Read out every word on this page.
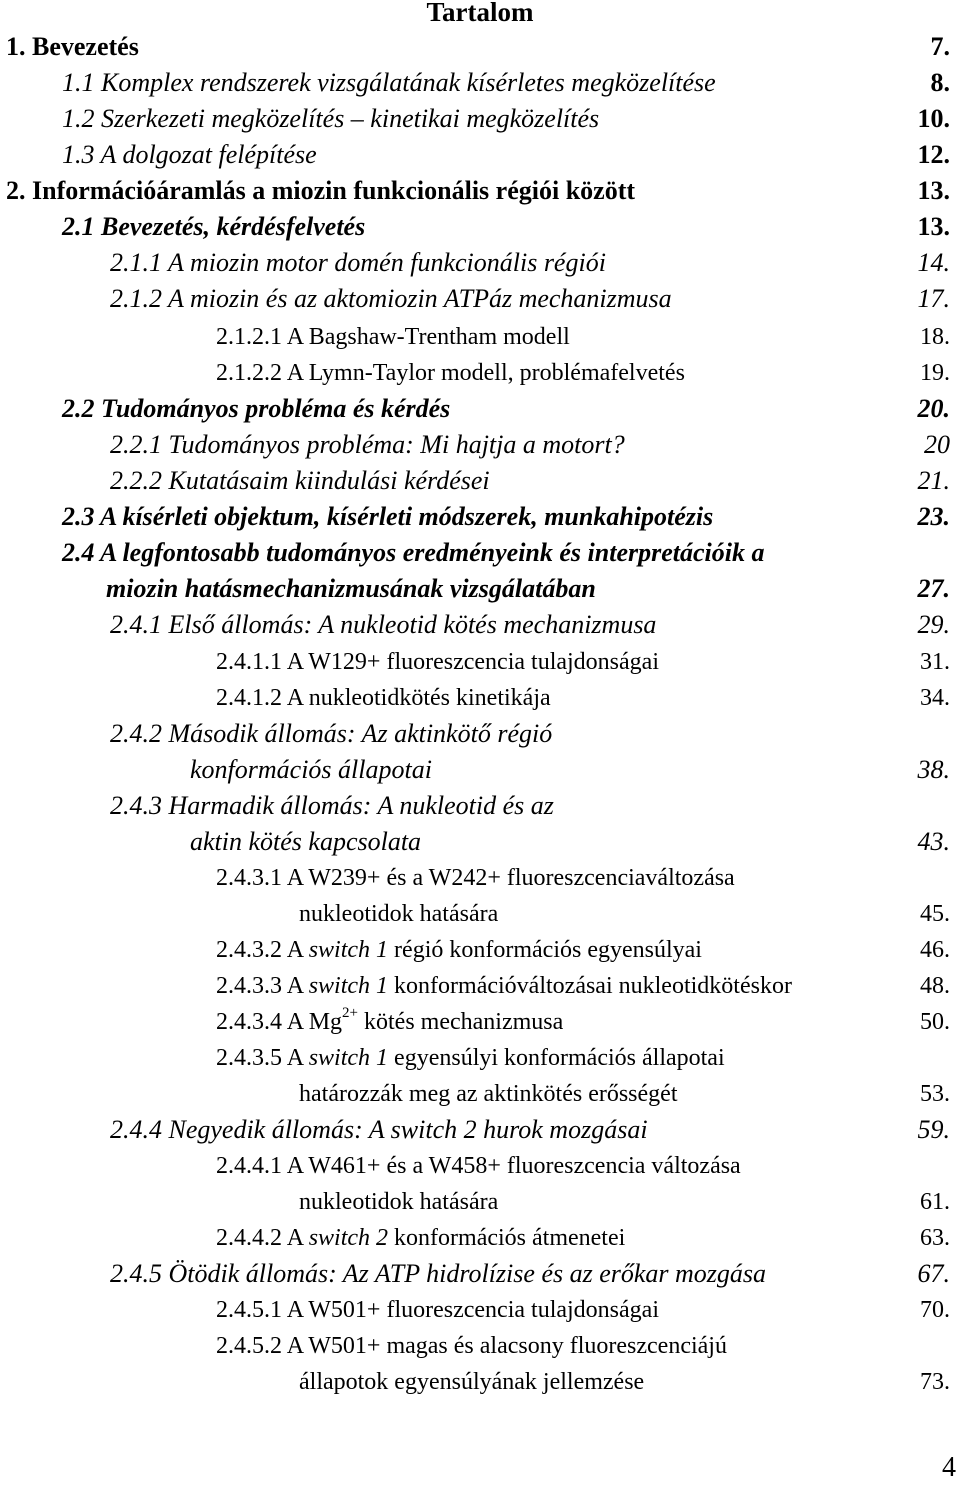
Tartalom
1. Bevezetés	7.
1.1 Komplex rendszerek vizsgálatának kísérletes megközelítése	8.
1.2 Szerkezeti megközelítés – kinetikai megközelítés	10.
1.3 A dolgozat felépítése	12.
2. Információáramlás a miozin funkcionális régiói között	13.
2.1 Bevezetés, kérdésfelvetés	13.
2.1.1 A miozin motor domén funkcionális régiói	14.
2.1.2 A miozin és az aktomiozin ATPáz mechanizmusa	17.
2.1.2.1 A Bagshaw-Trentham modell	18.
2.1.2.2 A Lymn-Taylor modell, problémafelvetés	19.
2.2 Tudományos probléma és kérdés	20.
2.2.1 Tudományos probléma: Mi hajtja a motort?	20
2.2.2 Kutatásaim kiindulási kérdései	21.
2.3 A kísérleti objektum, kísérleti módszerek, munkahipotézis	23.
2.4 A legfontosabb tudományos eredményeink és interpretációik a
miozin hatásmechanizmusának vizsgálatában	27.
2.4.1 Első állomás: A nukleotid kötés mechanizmusa	29.
2.4.1.1 A W129+ fluoreszcencia tulajdonságai	31.
2.4.1.2 A nukleotidkötés kinetikája	34.
2.4.2 Második állomás: Az aktinkötő régió
konformációs állapotai	38.
2.4.3 Harmadik állomás: A nukleotid és az
aktin kötés kapcsolata	43.
2.4.3.1 A W239+ és a W242+ fluoreszcenciaváltozása
nukleotidok hatására	45.
2.4.3.2 A switch 1 régió konformációs egyensúlyai	46.
2.4.3.3 A switch 1 konformációváltozásai nukleotidkötéskor	48.
2.4.3.4 A $Mg^{2+}$ kötés mechanizmusa	50.
2.4.3.5 A switch 1 egyensúlyi konformációs állapotai
határozzák meg az aktinkötés erősségét	53.
2.4.4 Negyedik állomás: A switch 2 hurok mozgásai	59.
2.4.4.1 A W461+ és a W458+ fluoreszcencia változása
nukleotidok hatására	61.
2.4.4.2 A switch 2 konformációs átmenetei	63.
2.4.5 Ötödik állomás: Az ATP hidrolízise és az erőkar mozgása	67.
2.4.5.1 A W501+ fluoreszcencia tulajdonságai	70.
2.4.5.2 A W501+ magas és alacsony fluoreszcenciájú
állapotok egyensúlyának jellemzése	73.
4
